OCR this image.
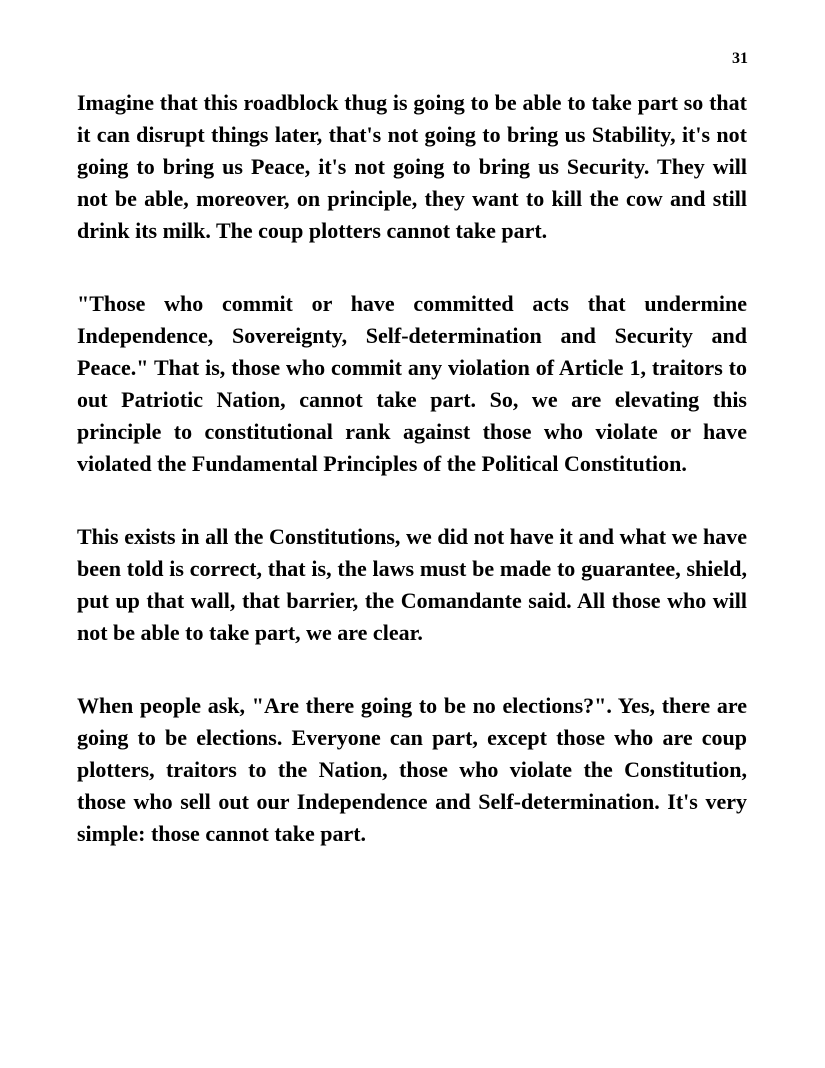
31

Imagine that this roadblock thug is going to be able to take part so that it can disrupt things later, that's not going to bring us Stability, it's not going to bring us Peace, it's not going to bring us Security. They will not be able, moreover, on principle, they want to kill the cow and still drink its milk. The coup plotters cannot take part.

"Those who commit or have committed acts that undermine Independence, Sovereignty, Self-determination and Security and Peace." That is, those who commit any violation of Article 1, traitors to out Patriotic Nation, cannot take part. So, we are elevating this principle to constitutional rank against those who violate or have violated the Fundamental Principles of the Political Constitution.

This exists in all the Constitutions, we did not have it and what we have been told is correct, that is, the laws must be made to guarantee, shield, put up that wall, that barrier, the Comandante said. All those who will not be able to take part, we are clear.

When people ask, "Are there going to be no elections?". Yes, there are going to be elections. Everyone can part, except those who are coup plotters, traitors to the Nation, those who violate the Constitution, those who sell out our Independence and Self-determination. It's very simple: those cannot take part.
